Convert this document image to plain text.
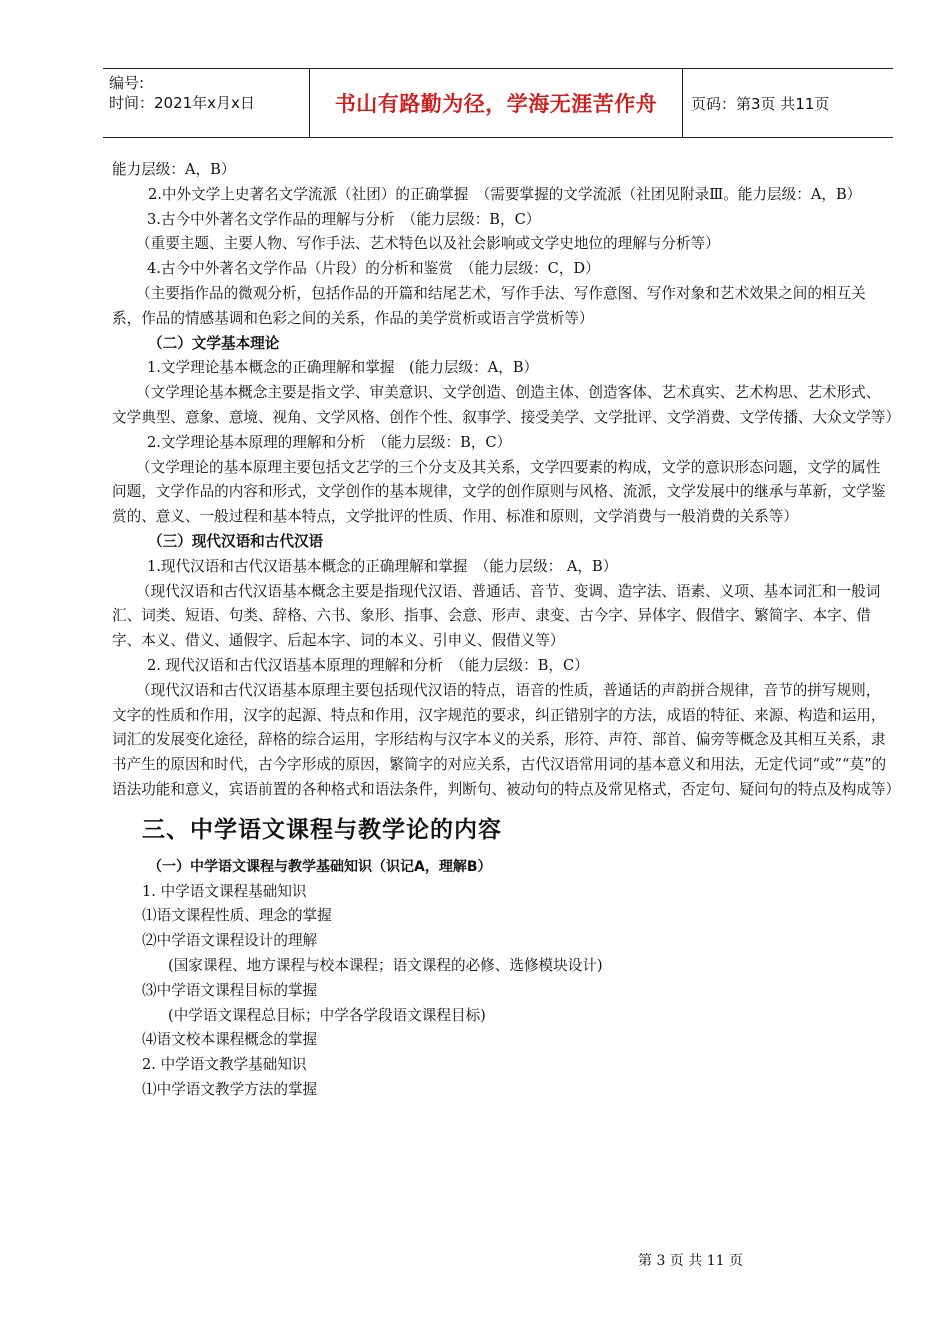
编号:
时间：2021年x月x日	书山有路勤为径，学海无涯苦作舟	页码：第3页 共11页

能力层级：A，B）

2.中外文学上史著名文学流派（社团）的正确掌握　（需要掌握的文学流派（社团见附录Ⅲ。能力层级：A，B）

3.古今中外著名文学作品的理解与分析　（能力层级：B，C）

（重要主题、主要人物、写作手法、艺术特色以及社会影响或文学史地位的理解与分析等）

4.古今中外著名文学作品（片段）的分析和鉴赏　（能力层级：C，D）

（主要指作品的微观分析，包括作品的开篇和结尾艺术，写作手法、写作意图、写作对象和艺术效果之间的相互关系，作品的情感基调和色彩之间的关系，作品的美学赏析或语言学赏析等）

（二）文学基本理论

1.文学理论基本概念的正确理解和掌握　(能力层级：A，B）

（文学理论基本概念主要是指文学、审美意识、文学创造、创造主体、创造客体、艺术真实、艺术构思、艺术形式、文学典型、意象、意境、视角、文学风格、创作个性、叙事学、接受美学、文学批评、文学消费、文学传播、大众文学等）

2.文学理论基本原理的理解和分析　（能力层级：B，C）

（文学理论的基本原理主要包括文艺学的三个分支及其关系，文学四要素的构成，文学的意识形态问题，文学的属性问题，文学作品的内容和形式，文学创作的基本规律，文学的创作原则与风格、流派，文学发展中的继承与革新，文学鉴赏的、意义、一般过程和基本特点，文学批评的性质、作用、标准和原则，文学消费与一般消费的关系等）

（三）现代汉语和古代汉语

1.现代汉语和古代汉语基本概念的正确理解和掌握　（能力层级： A，B）

（现代汉语和古代汉语基本概念主要是指现代汉语、普通话、音节、变调、造字法、语素、义项、基本词汇和一般词汇、词类、短语、句类、辞格、六书、象形、指事、会意、形声、隶变、古今字、异体字、假借字、繁简字、本字、借字、本义、借义、通假字、后起本字、词的本义、引申义、假借义等）

2. 现代汉语和古代汉语基本原理的理解和分析　（能力层级：B，C）

（现代汉语和古代汉语基本原理主要包括现代汉语的特点，语音的性质，普通话的声韵拼合规律，音节的拼写规则，文字的性质和作用，汉字的起源、特点和作用，汉字规范的要求，纠正错别字的方法，成语的特征、来源、构造和运用，词汇的发展变化途径，辞格的综合运用，字形结构与汉字本义的关系，形符、声符、部首、偏旁等概念及其相互关系，隶书产生的原因和时代，古今字形成的原因，繁简字的对应关系，古代汉语常用词的基本意义和用法，无定代词“或”“莫”的语法功能和意义，宾语前置的各种格式和语法条件，判断句、被动句的特点及常见格式，否定句、疑问句的特点及构成等）

三、中学语文课程与教学论的内容

（一）中学语文课程与教学基础知识（识记A，理解B）

1. 中学语文课程基础知识

⑴语文课程性质、理念的掌握

⑵中学语文课程设计的理解

(国家课程、地方课程与校本课程；语文课程的必修、选修模块设计)

⑶中学语文课程目标的掌握

(中学语文课程总目标；中学各学段语文课程目标)

⑷语文校本课程概念的掌握

2. 中学语文教学基础知识

⑴中学语文教学方法的掌握

第 3 页 共 11 页
